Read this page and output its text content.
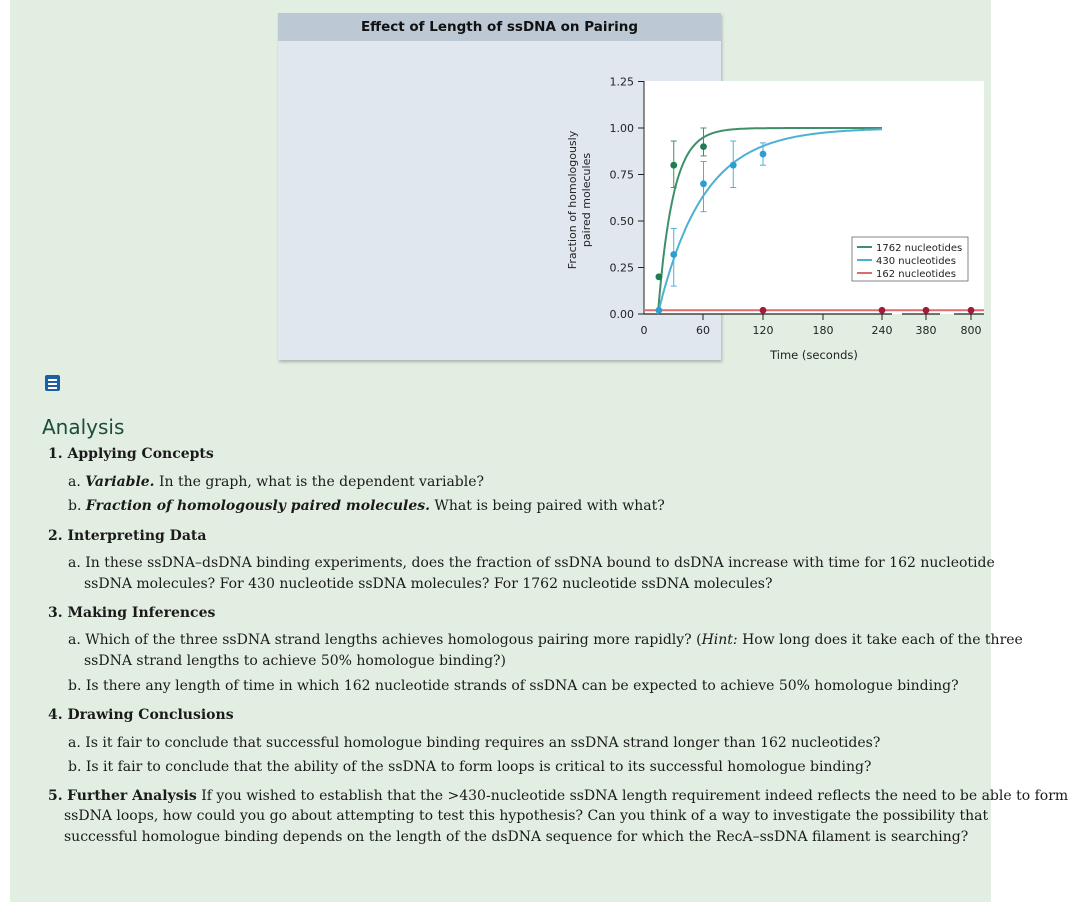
Effect of Length of ssDNA on Pairing
1.25
1.00
0.75
0.50
0.25
0.00
0	60	120	180	240 380 800
Time (seconds)
Fraction of homologously paired molecules
1762 nucleotides
430 nucleotides
162 nucleotides
Analysis
1. Applying Concepts
a. Variable. In the graph, what is the dependent variable?
b. Fraction of homologously paired molecules. What is being paired with what?
2. Interpreting Data
a. In these ssDNA–dsDNA binding experiments, does the fraction of ssDNA bound to dsDNA increase with time for 162 nucleotide
ssDNA molecules? For 430 nucleotide ssDNA molecules? For 1762 nucleotide ssDNA molecules?
3. Making Inferences
a. Which of the three ssDNA strand lengths achieves homologous pairing more rapidly? (Hint: How long does it take each of the three
ssDNA strand lengths to achieve 50% homologue binding?)
b. Is there any length of time in which 162 nucleotide strands of ssDNA can be expected to achieve 50% homologue binding?
4. Drawing Conclusions
a. Is it fair to conclude that successful homologue binding requires an ssDNA strand longer than 162 nucleotides?
b. Is it fair to conclude that the ability of the ssDNA to form loops is critical to its successful homologue binding?
5. Further Analysis If you wished to establish that the >430-nucleotide ssDNA length requirement indeed reflects the need to be able to form
ssDNA loops, how could you go about attempting to test this hypothesis? Can you think of a way to investigate the possibility that
successful homologue binding depends on the length of the dsDNA sequence for which the RecA–ssDNA filament is searching?
